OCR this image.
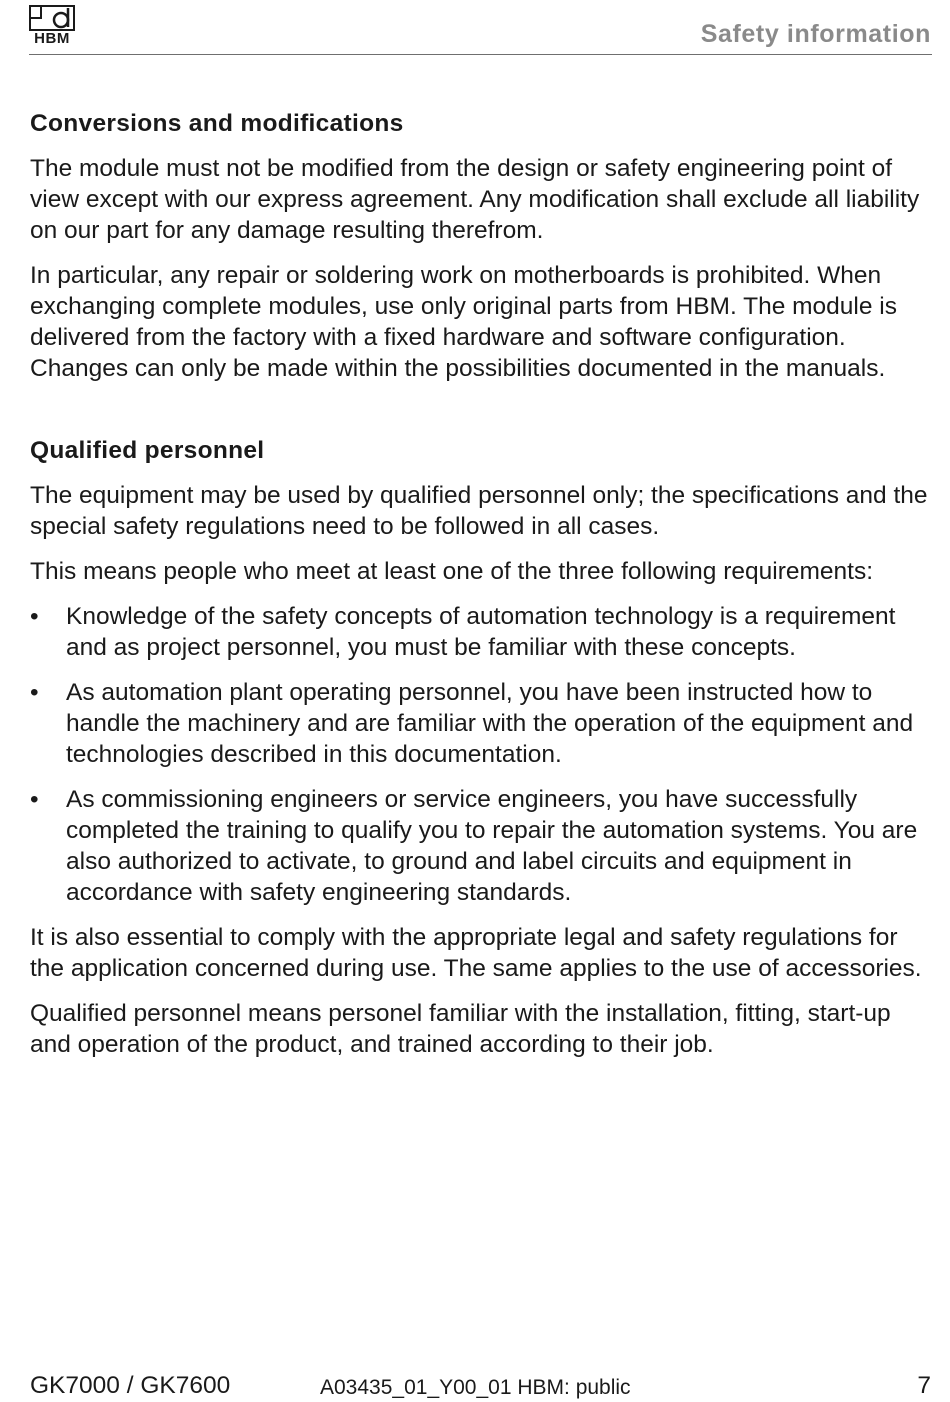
HBM	Safety information
Conversions and modifications

The module must not be modified from the design or safety engineering point of view except with our express agreement. Any modification shall exclude all liability on our part for any damage resulting therefrom.

In particular, any repair or soldering work on motherboards is prohibited. When exchanging complete modules, use only original parts from HBM. The module is delivered from the factory with a fixed hardware and software configuration. Changes can only be made within the possibilities documented in the manuals.

Qualified personnel

The equipment may be used by qualified personnel only; the specifications and the special safety regulations need to be followed in all cases.

This means people who meet at least one of the three following requirements:

•	Knowledge of the safety concepts of automation technology is a requirement and as project personnel, you must be familiar with these concepts.
•	As automation plant operating personnel, you have been instructed how to handle the machinery and are familiar with the operation of the equipment and technologies described in this documentation.
•	As commissioning engineers or service engineers, you have successfully completed the training to qualify you to repair the automation systems. You are also authorized to activate, to ground and label circuits and equipment in accordance with safety engineering standards.

It is also essential to comply with the appropriate legal and safety regulations for the application concerned during use. The same applies to the use of accessories.

Qualified personnel means personel familiar with the installation, fitting, start-up and operation of the product, and trained according to their job.

GK7000 / GK7600	A03435_01_Y00_01 HBM: public	7
